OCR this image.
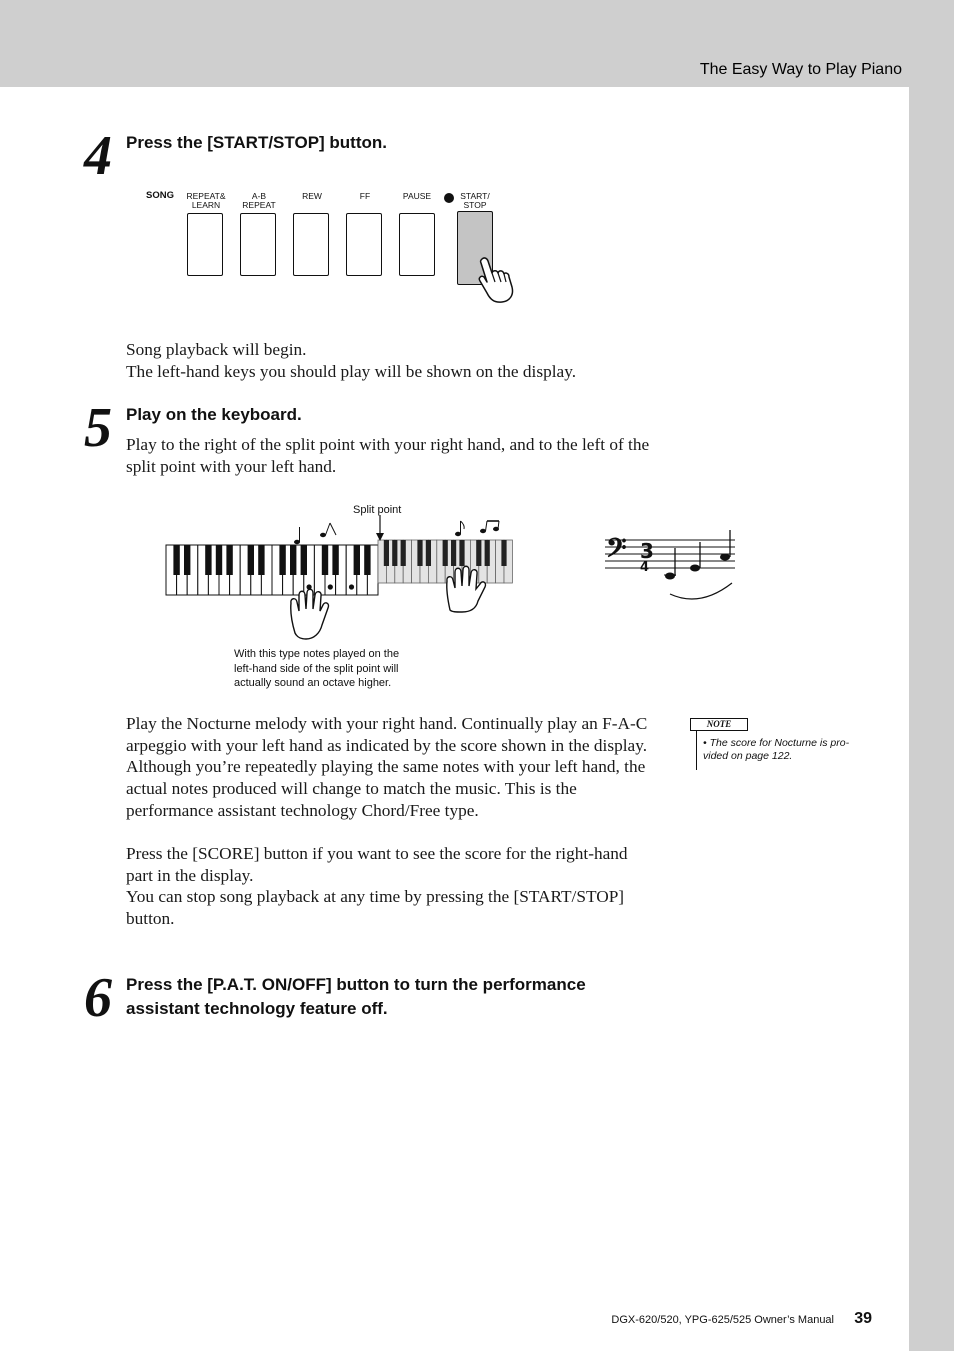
The Easy Way to Play Piano
4 Press the [START/STOP] button.
SONG REPEAT&
LEARN
A-B
REPEAT
REW	FF	PAUSE	START/
STOP
Song playback will begin.
The left-hand keys you should play will be shown on the display.
5 Play on the keyboard.
Play to the right of the split point with your right hand, and to the left of the split point with your left hand.
Split point
With this type notes played on the
left-hand side of the split point will
actually sound an octave higher.
𝄢 3
4
Play the Nocturne melody with your right hand. Continually play an F-A-C arpeggio with your left hand as indicated by the score shown in the display. Although you’re repeatedly playing the same notes with your left hand, the actual notes produced will change to match the music. This is the performance assistant technology Chord/Free type.
Press the [SCORE] button if you want to see the score for the right-hand part in the display.
You can stop song playback at any time by pressing the [START/STOP] button.
NOTE
• The score for Nocturne is pro-vided on page 122.
6 Press the [P.A.T. ON/OFF] button to turn the performance
assistant technology feature off.
DGX-620/520, YPG-625/525 Owner’s Manual 39
